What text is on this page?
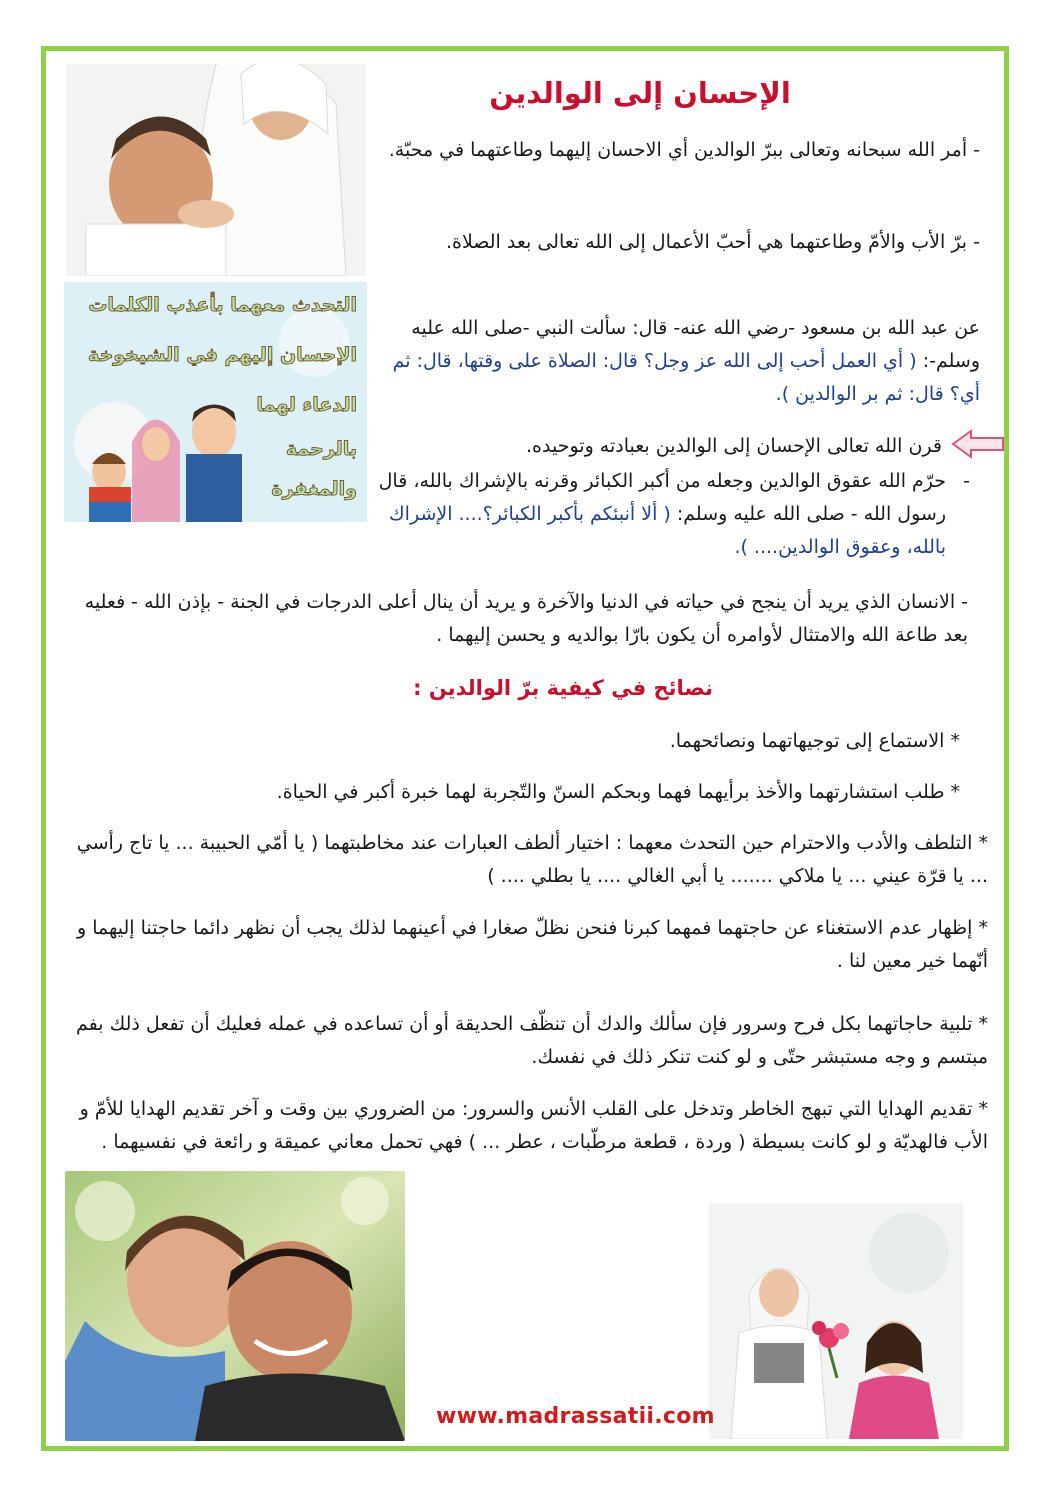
الإحسان إلى الوالدين
- أمر الله سبحانه وتعالى ببرّ الوالدين أي الاحسان إليهما وطاعتهما في محبّة.
- برّ الأب والأمّ وطاعتهما هي أحبّ الأعمال إلى الله تعالى بعد الصلاة.
التحدث معهما بأعذب الكلمات
الإحسان إليهم في الشيخوخة
الدعاء لهما
بالرحمة
والمغفرة
عن عبد الله بن مسعود -رضي الله عنه- قال: سألت النبي -صلى الله عليه وسلم-: ( أي العمل أحب إلى الله عز وجل؟ قال: الصلاة على وقتها، قال: ثم أي؟ قال: ثم بر الوالدين ).
قرن الله تعالى الإحسان إلى الوالدين بعبادته وتوحيده.
-
حرّم الله عقوق الوالدين وجعله من أكبر الكبائر وقرنه بالإشراك بالله، قال رسول الله - صلى الله عليه وسلم: ( ألا أنبئكم بأكبر الكبائر؟.... الإشراك بالله، وعقوق الوالدين.... ).
- الانسان الذي يريد أن ينجح في حياته في الدنيا والآخرة و يريد أن ينال أعلى الدرجات في الجنة - بإذن الله - فعليه بعد طاعة الله والامتثال لأوامره أن يكون بارّا بوالديه و يحسن إليهما .
نصائح في كيفية برّ الوالدين :
* الاستماع إلى توجيهاتهما ونصائحهما.
* طلب استشارتهما والأخذ برأيهما فهما وبحكم السنّ والتّجربة لهما خبرة أكبر في الحياة.
* التلطف والأدب والاحترام حين التحدث معهما : اختيار ألطف العبارات عند مخاطبتهما ( يا أمّي الحبيبة ... يا تاج رأسي ... يا قرّة عيني ... يا ملاكي ....... يا أبي الغالي .... يا بطلي .... )
* إظهار عدم الاستغناء عن حاجتهما فمهما كبرنا فنحن نظلّ صغارا في أعينهما لذلك يجب أن نظهر دائما حاجتنا إليهما و أنّهما خير معين لنا .
* تلبية حاجاتهما بكل فرح وسرور فإن سألك والدك أن تنظّف الحديقة أو أن تساعده في عمله فعليك أن تفعل ذلك بفم مبتسم و وجه مستبشر حتّى و لو كنت تنكر ذلك في نفسك.
* تقديم الهدايا التي تبهج الخاطر وتدخل على القلب الأنس والسرور: من الضروري بين وقت و آخر تقديم الهدايا للأمّ و الأب فالهديّة و لو كانت بسيطة ( وردة ، قطعة مرطّبات ، عطر ... ) فهي تحمل معاني عميقة و رائعة في نفسيهما .
www.madrassatii.com
